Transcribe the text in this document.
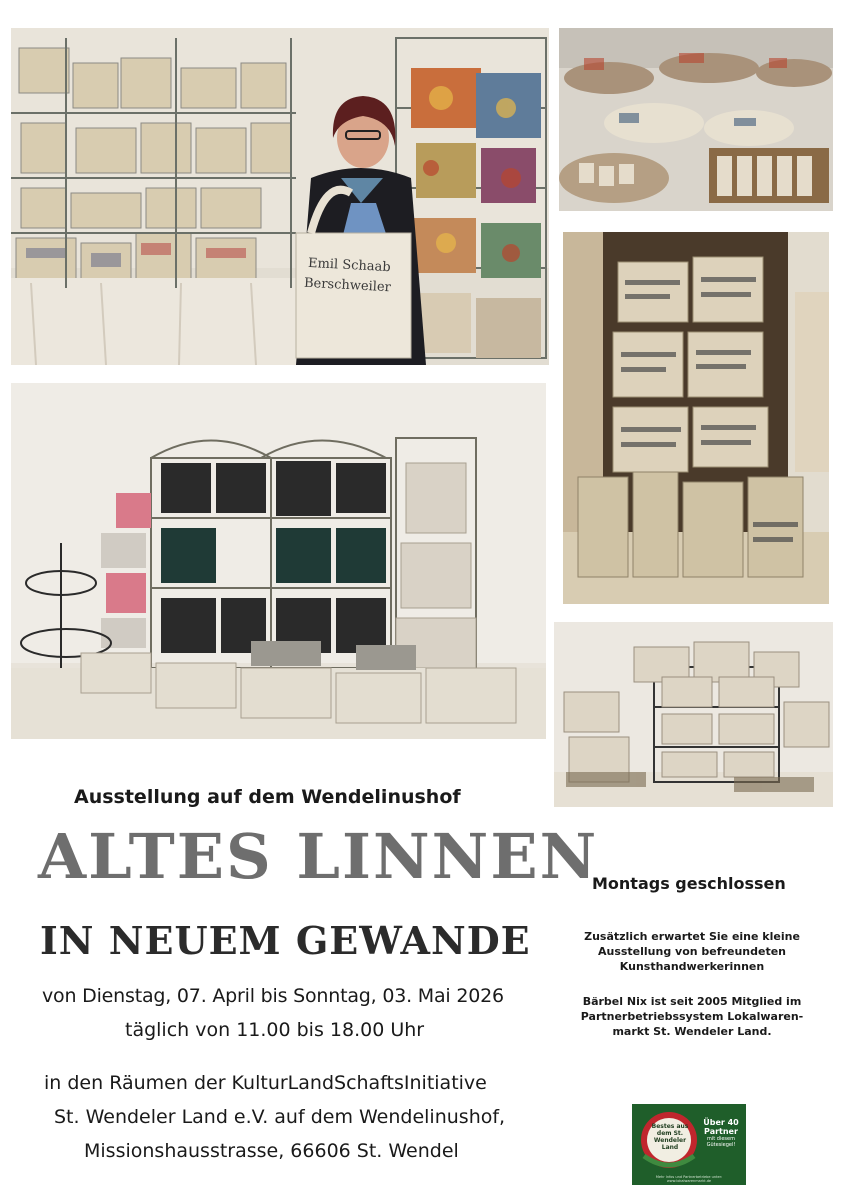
Emil Schaab
Berschweiler
Ausstellung auf dem Wendelinushof
ALTES LINNEN
IN NEUEM GEWANDE
von Dienstag, 07. April bis Sonntag, 03. Mai 2026
täglich von 11.00 bis 18.00 Uhr
in den Räumen der KulturLandSchaftsInitiative
St. Wendeler Land e.V. auf dem Wendelinushof,
Missionshausstrasse, 66606 St. Wendel
Montags geschlossen
Zusätzlich erwartet Sie eine kleine Ausstellung von befreundeten Kunsthandwerkerinnen
Bärbel Nix ist seit 2005 Mitglied im Partnerbetriebssystem Lokalwaren-markt St. Wendeler Land.
Bestes aus dem St. Wendeler Land
Über 40 Partner
mit diesem Gütesiegel!
Mehr Infos und Partnerbetriebe unter: www.lokalwarenmarkt.de
